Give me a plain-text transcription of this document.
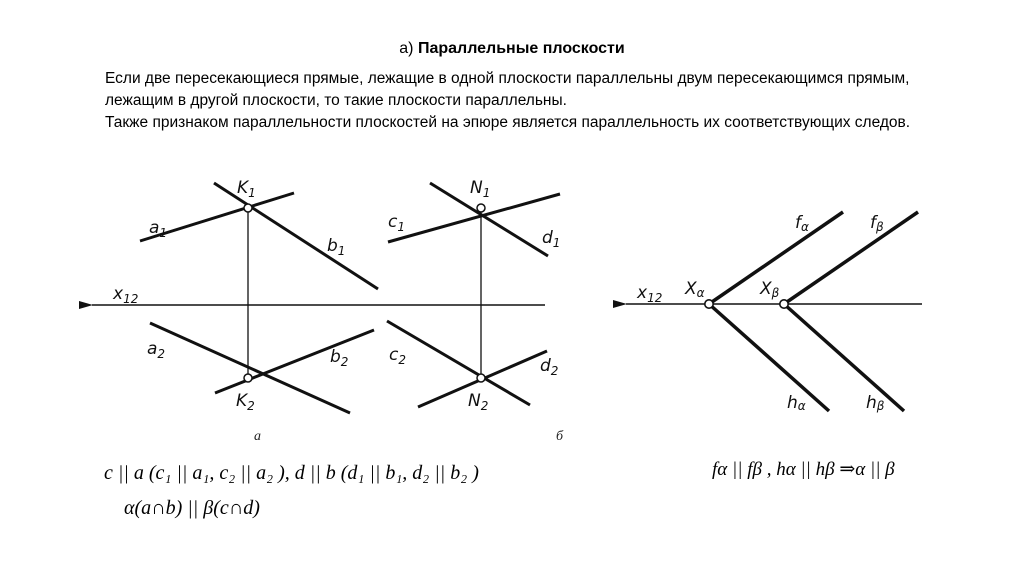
а) Параллельные плоскости
Если две пересекающиеся прямые, лежащие в одной плоскости параллельны двум пересекающимся прямым, лежащим в другой плоскости, то такие плоскости параллельны.
Также признаком параллельности плоскостей на эпюре является параллельность их соответствующих следов.
$x_{12}$
$K_1$
$a_1$
$b_1$
$a_2$	$b_2$
$K_2$
$N_1$
$c_1$
$d_1$
$c_2$	$d_2$
$N_2$
а	б
$x_{12}$ Xα	Xβ
fα	fβ
hα	hβ
c || a (c₁ || a₁, c₂ || a₂ ), d || b (d₁ || b₁, d₂ || b₂ )
α(a∩b) || β(c∩d)
fα || fβ , hα || hβ ⇒α || β
